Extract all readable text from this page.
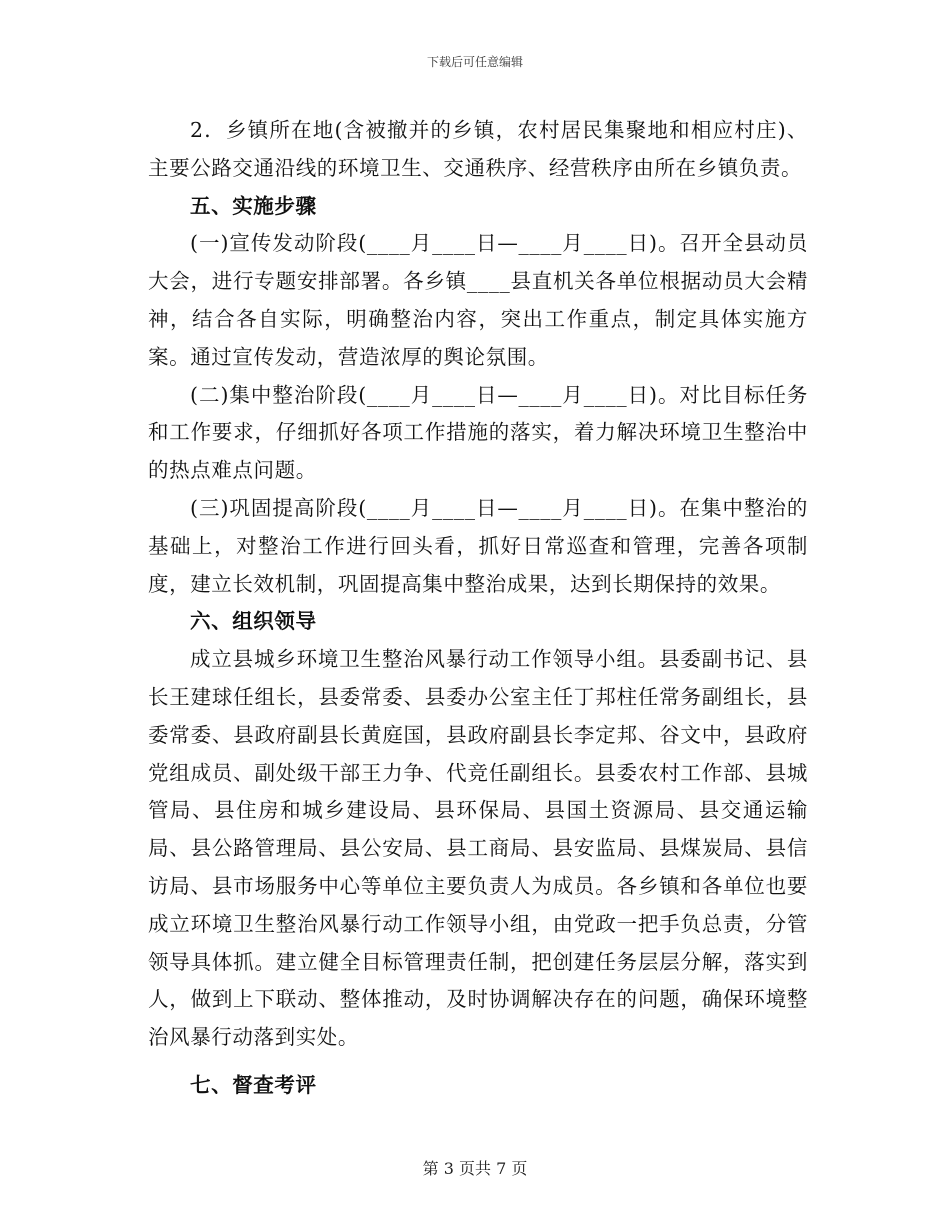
下载后可任意编辑

2．乡镇所在地(含被撤并的乡镇，农村居民集聚地和相应村庄)、主要公路交通沿线的环境卫生、交通秩序、经营秩序由所在乡镇负责。

五、实施步骤

(一)宣传发动阶段(____月____日—____月____日)。召开全县动员大会，进行专题安排部署。各乡镇____县直机关各单位根据动员大会精神，结合各自实际，明确整治内容，突出工作重点，制定具体实施方案。通过宣传发动，营造浓厚的舆论氛围。

(二)集中整治阶段(____月____日—____月____日)。对比目标任务和工作要求，仔细抓好各项工作措施的落实，着力解决环境卫生整治中的热点难点问题。

(三)巩固提高阶段(____月____日—____月____日)。在集中整治的基础上，对整治工作进行回头看，抓好日常巡查和管理，完善各项制度，建立长效机制，巩固提高集中整治成果，达到长期保持的效果。

六、组织领导

成立县城乡环境卫生整治风暴行动工作领导小组。县委副书记、县长王建球任组长，县委常委、县委办公室主任丁邦柱任常务副组长，县委常委、县政府副县长黄庭国，县政府副县长李定邦、谷文中，县政府党组成员、副处级干部王力争、代竞任副组长。县委农村工作部、县城管局、县住房和城乡建设局、县环保局、县国土资源局、县交通运输局、县公路管理局、县公安局、县工商局、县安监局、县煤炭局、县信访局、县市场服务中心等单位主要负责人为成员。各乡镇和各单位也要成立环境卫生整治风暴行动工作领导小组，由党政一把手负总责，分管领导具体抓。建立健全目标管理责任制，把创建任务层层分解，落实到人，做到上下联动、整体推动，及时协调解决存在的问题，确保环境整治风暴行动落到实处。

七、督查考评

第 3 页共 7 页
